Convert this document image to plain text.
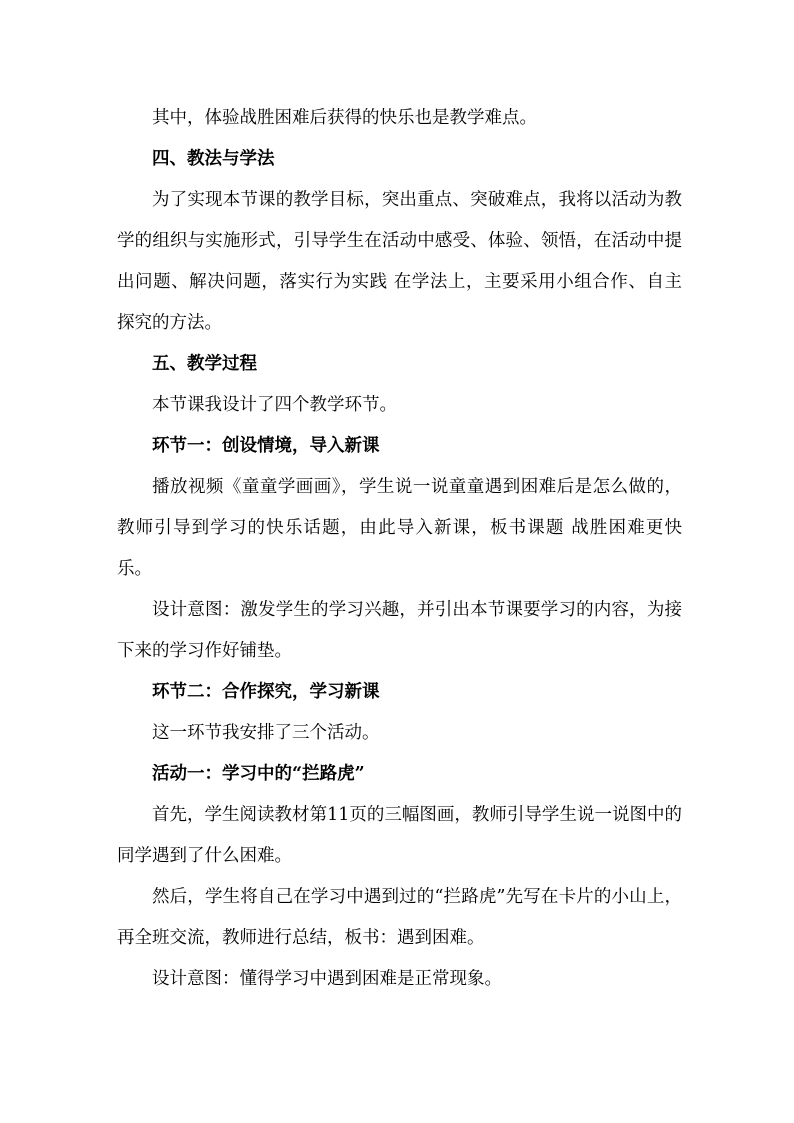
其中，体验战胜困难后获得的快乐也是教学难点。

四、教法与学法

为了实现本节课的教学目标，突出重点、突破难点，我将以活动为教学的组织与实施形式，引导学生在活动中感受、体验、领悟，在活动中提出问题、解决问题，落实行为实践 在学法上，主要采用小组合作、自主探究的方法。

五、教学过程

本节课我设计了四个教学环节。

环节一：创设情境，导入新课

播放视频《童童学画画》，学生说一说童童遇到困难后是怎么做的，教师引导到学习的快乐话题，由此导入新课，板书课题 战胜困难更快乐。

设计意图：激发学生的学习兴趣，并引出本节课要学习的内容，为接下来的学习作好铺垫。

环节二：合作探究，学习新课

这一环节我安排了三个活动。

活动一：学习中的“拦路虎”

首先，学生阅读教材第11页的三幅图画，教师引导学生说一说图中的同学遇到了什么困难。

然后，学生将自己在学习中遇到过的“拦路虎”先写在卡片的小山上，再全班交流，教师进行总结，板书：遇到困难。

设计意图：懂得学习中遇到困难是正常现象。
